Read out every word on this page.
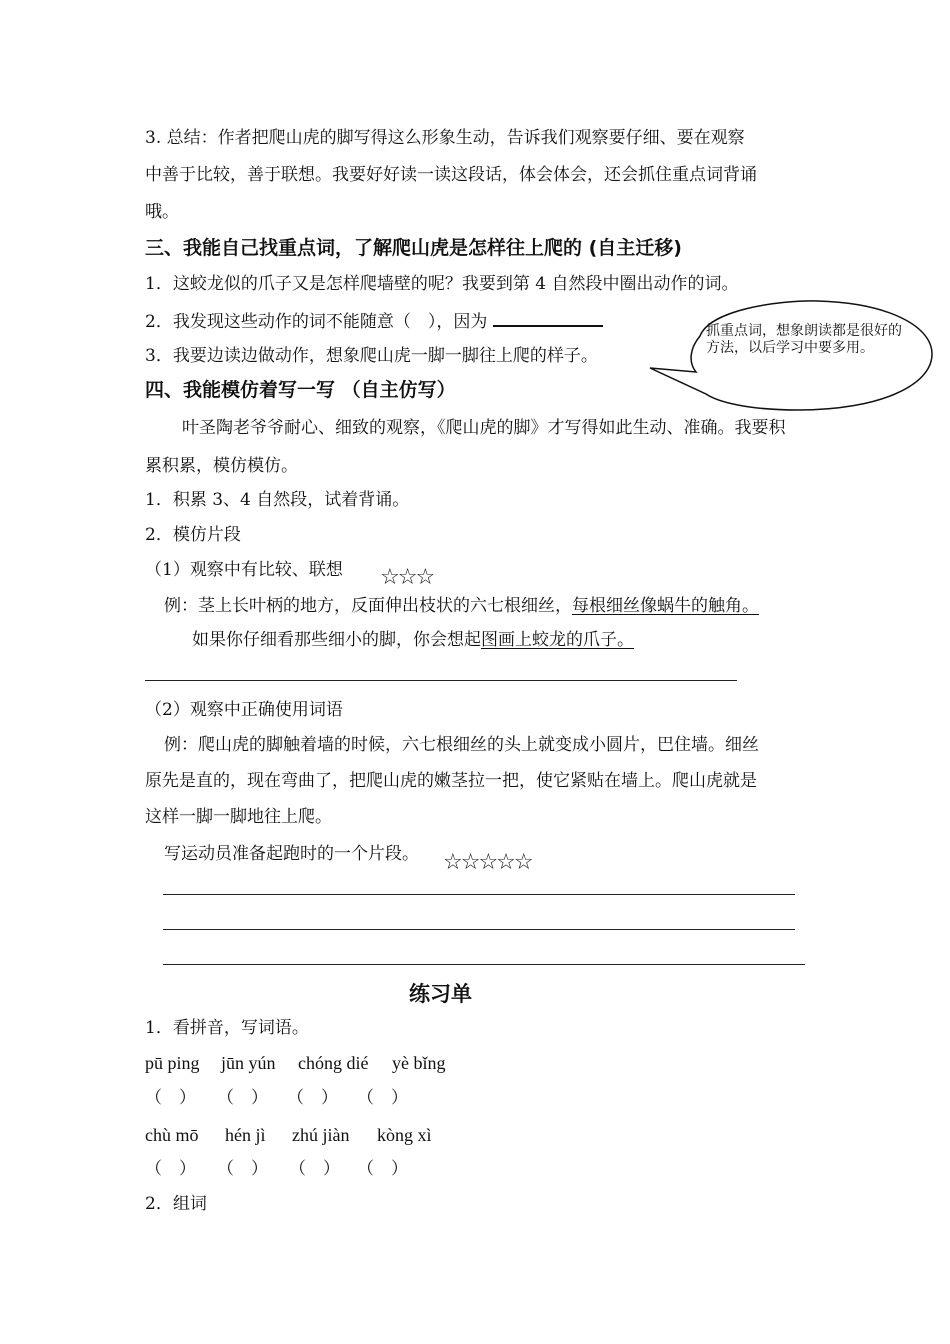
3. 总结：作者把爬山虎的脚写得这么形象生动，告诉我们观察要仔细、要在观察
中善于比较，善于联想。我要好好读一读这段话，体会体会，还会抓住重点词背诵
哦。
三、我能自己找重点词，了解爬山虎是怎样往上爬的 (自主迁移)
1．这蛟龙似的爪子又是怎样爬墙壁的呢？我要到第 4 自然段中圈出动作的词。
2．我发现这些动作的词不能随意（　），因为
3．我要边读边做动作，想象爬山虎一脚一脚往上爬的样子。
抓重点词，想象朗读都是很好的方法，以后学习中要多用。
四、我能模仿着写一写 （自主仿写）
叶圣陶老爷爷耐心、细致的观察，《爬山虎的脚》才写得如此生动、准确。我要积
累积累，模仿模仿。
1．积累 3、4 自然段，试着背诵。
2．模仿片段
（1）观察中有比较、联想 ☆☆☆
例：茎上长叶柄的地方，反面伸出枝状的六七根细丝，每根细丝像蜗牛的触角。
如果你仔细看那些细小的脚，你会想起图画上蛟龙的爪子。
（2）观察中正确使用词语
例：爬山虎的脚触着墙的时候，六七根细丝的头上就变成小圆片，巴住墙。细丝
原先是直的，现在弯曲了，把爬山虎的嫩茎拉一把，使它紧贴在墙上。爬山虎就是
这样一脚一脚地往上爬。
写运动员准备起跑时的一个片段。 ☆☆☆☆☆
练习单
1．看拼音，写词语。
pū ping jūn yún chóng dié yè bǐng
（　） （　） （　） （　）
chù mō hén jì zhú jiàn kòng xì
（　） （　） （　） （　）
2．组词
